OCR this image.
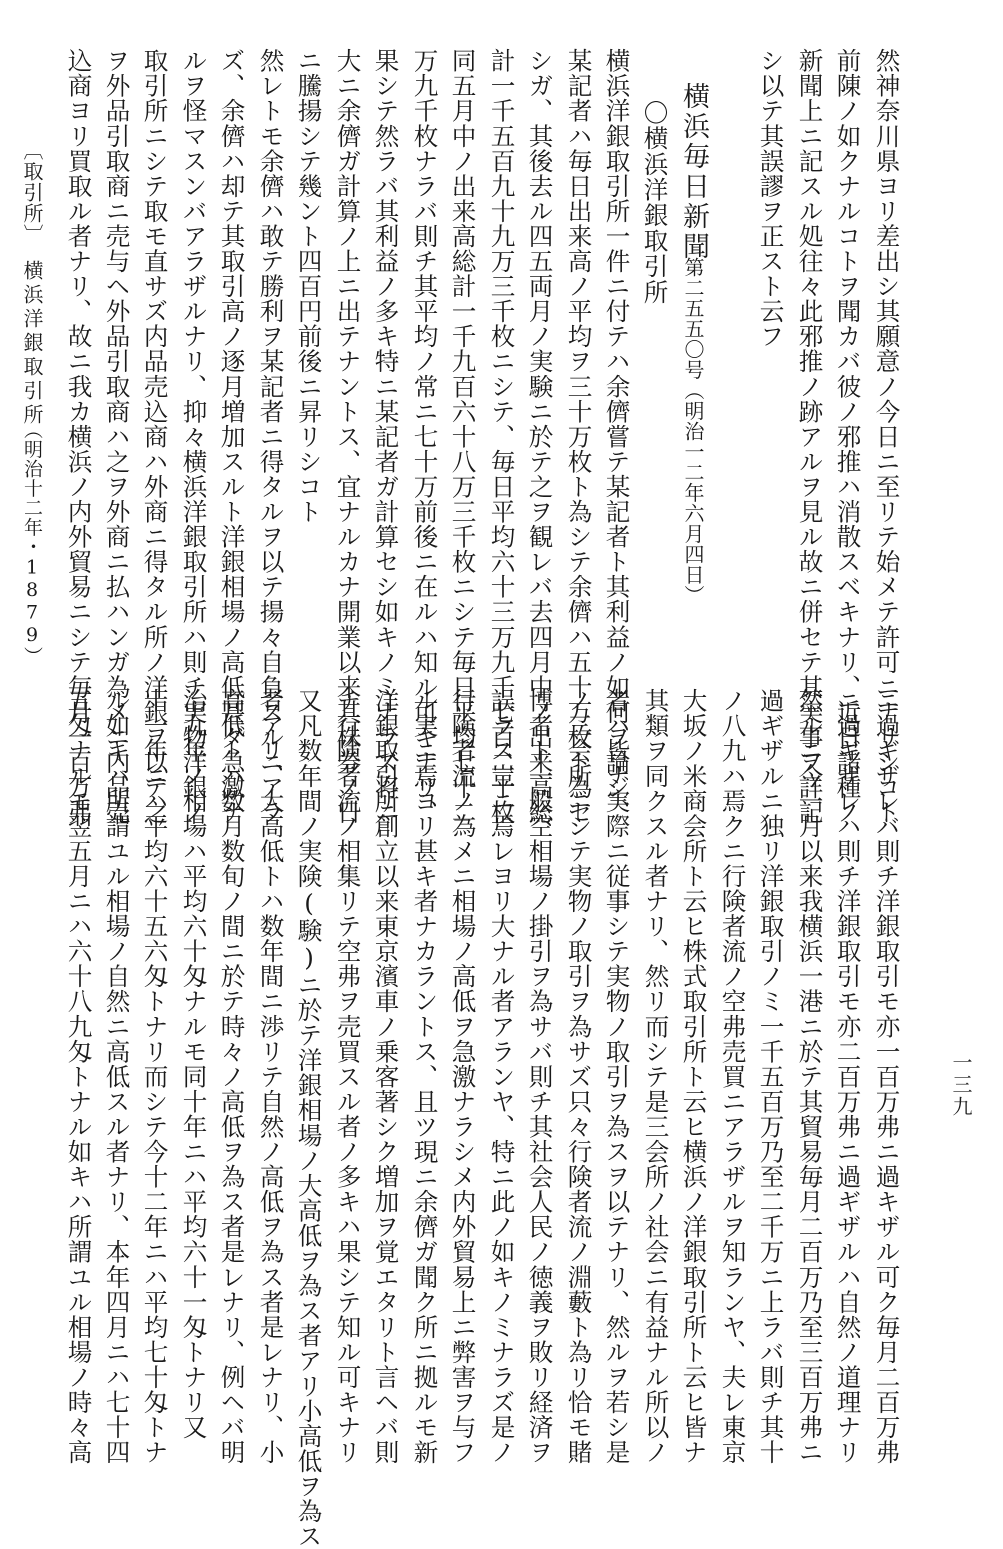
然神奈川県ヨリ差出シ其願意ノ今日ニ至リテ始メテ許可ニナリシコト
前陳ノ如クナルコトヲ聞カバ彼ノ邪推ハ消散スベキナリ、近日諸種ノ
新聞上ニ記スル処往々此邪推ノ跡アルヲ見ル故ニ併セテ其実事ヲ詳記
シ以テ其誤謬ヲ正スト云フ
横浜毎日新聞
第二五五〇号（明治一二年六月四日）
〇横浜洋銀取引所
横浜洋銀取引所一件ニ付テハ余儕嘗テ某記者ト其利益ノ如何ヲ論ジ、
某記者ハ毎日出来高ノ平均ヲ三十万枚ト為シテ余儕ハ五十万枚ト為セ
シガ、其後去ル四五両月ノ実験ニ於テ之ヲ観レバ去四月中ノ出来高総
計一千五百九十九万三千枚ニシテ、毎日平均六十三万九千七百二十枚
同五月中ノ出来高総計一千九百六十八万三千枚ニシテ毎日平均七十二
万九千枚ナラバ則チ其平均ノ常ニ七十万前後ニ在ルハ知ル可キナリ、
果シテ然ラバ其利益ノ多キ特ニ某記者ガ計算セシ如キノミナラズ将ニ
大ニ余儕ガ計算ノ上ニ出テナントス、宜ナルカナ開業以来其株券ノ日
ニ騰揚シテ幾ント四百円前後ニ昇リシコト
然レトモ余儕ハ敢テ勝利ヲ某記者ニ得タルヲ以テ揚々自負スルニアラ
ズ、余儕ハ却テ其取引高ノ逐月増加スルト洋銀相場ノ高低甚ダ急激ナ
ルヲ怪マスンバアラザルナリ、抑々横浜洋銀取引所ハ則チ実物洋銀ノ
取引所ニシテ取モ直サズ内品売込商ハ外商ニ得タル所ノ洋銀ヲ以テ之
ヲ外品引取商ニ売与ヘ外品引取商ハ之ヲ外商ニ払ハンガ為メニ内品売
込商ヨリ買取ル者ナリ、故ニ我カ横浜ノ内外貿易ニシテ毎月一百万弗
ニ過ギザレバ則チ洋銀取引モ亦一百万弗ニ過キザル可ク毎月二百万弗
ニ過ギザレハ則チ洋銀取引モ亦二百万弗ニ過ギザルハ自然ノ道理ナリ
然ルニ今一月以来我横浜一港ニ於テ其貿易毎月二百万乃至三百万弗ニ
過ギザルニ独リ洋銀取引ノミ一千五百万乃至二千万ニ上ラバ則チ其十
ノ八九ハ焉クニ行険者流ノ空弗売買ニアラザルヲ知ランヤ、夫レ東京
大坂ノ米商会所ト云ヒ株式取引所ト云ヒ横浜ノ洋銀取引所ト云ヒ皆ナ
其類ヲ同クスル者ナリ、然リ而シテ是三会所ノ社会ニ有益ナル所以ノ
者ハ皆ナ実際ニ従事シテ実物ノ取引ヲ為スヲ以テナリ、然ルヲ若シ是
ノ三会所ニシテ実物ノ取引ヲ為サズ只々行険者流ノ淵藪ト為リ恰モ賭
博者ト一般空相場ノ掛引ヲ為サバ則チ其社会人民ノ徳義ヲ敗リ経済ヲ
誤ラス豈ニ焉レヨリ大ナル者アランヤ、特ニ此ノ如キノミナラズ是ノ
行険者流ノ為メニ相場ノ高低ヲ急激ナラシメ内外貿易上ニ弊害ヲ与フ
ル実ニ焉ヨリ甚キ者ナカラントス、且ツ現ニ余儕ガ聞ク所ニ拠ルモ新
洋銀取引所創立以来東京濱車ノ乗客著シク増加ヲ覚エタリト言ヘバ則
チ行険者流ノ相集リテ空弗ヲ売買スル者ノ多キハ果シテ知ル可キナリ
又凡数年間ノ実険(験)ニ於テ洋銀相場ノ大高低ヲ為ス者アリ小高低ヲ為ス
者アリ、大高低トハ数年間ニ渉リテ自然ノ高低ヲ為ス者是レナリ、小
高低トハ数月数旬ノ間ニ於テ時々ノ高低ヲ為ス者是レナリ、例ヘバ明
治九年ノ相場ハ平均六十匁ナルモ同十年ニハ平均六十一匁トナリ又
十一年ニハ平均六十五六匁トナリ而シテ今十二年ニハ平均七十匁トナ
ル如キハ所謂ユル相場ノ自然ニ高低スル者ナリ、本年四月ニハ七十四
五匁ナルモ翌五月ニハ六十八九匁トナル如キハ所謂ユル相場ノ時々高
〔取引所〕
横浜洋銀取引所
（明治十二年・1879）
一三九
